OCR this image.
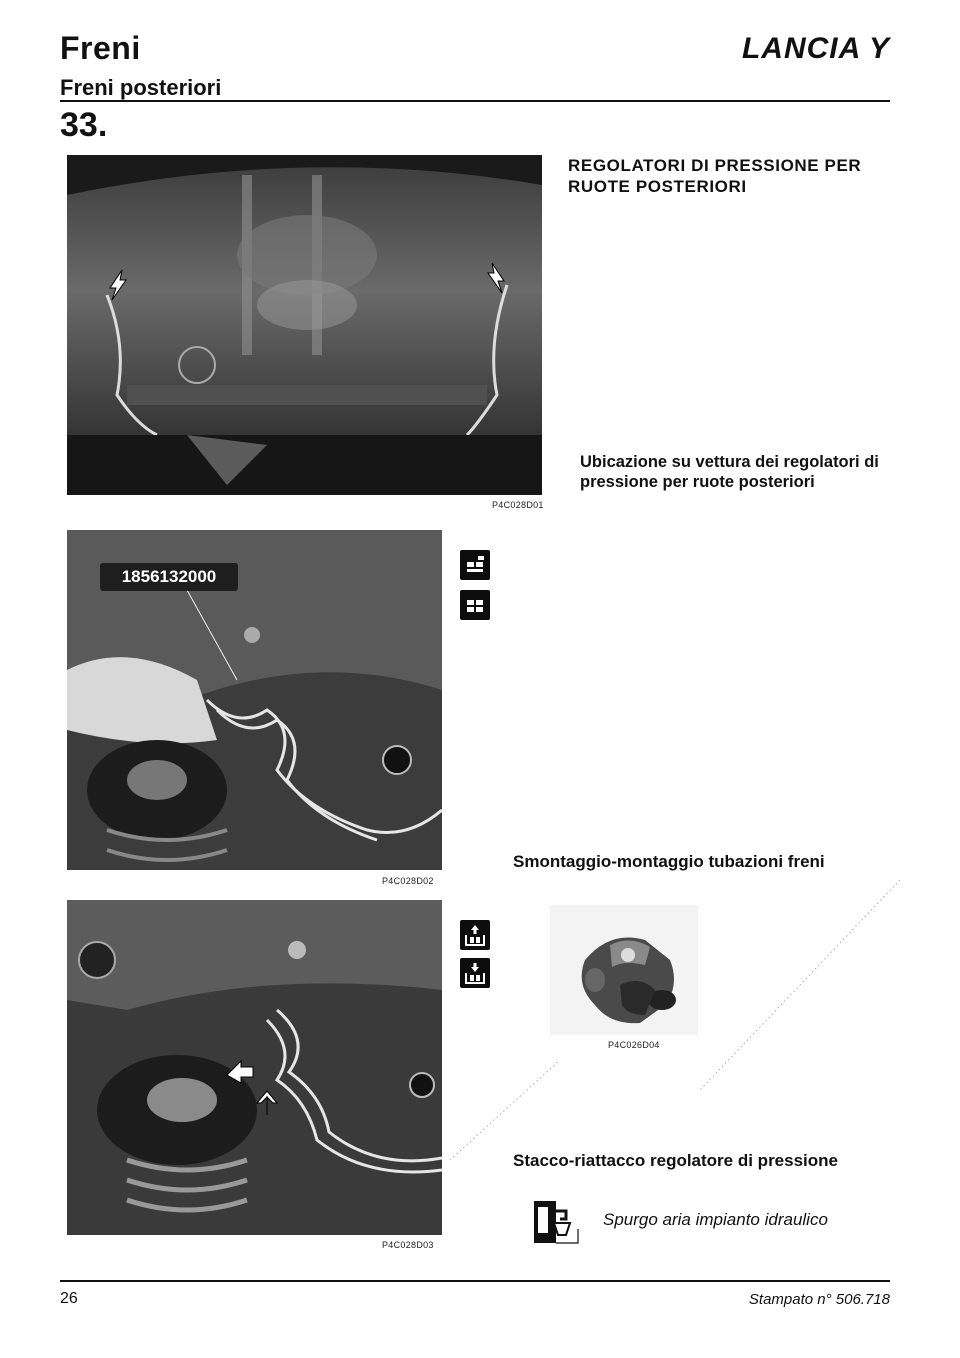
Freni
Freni posteriori
LANCIA Y
33.
P4C028D01
1856132000
P4C028D02
P4C028D03
P4C026D04
REGOLATORI DI PRESSIONE PER RUOTE POSTERIORI
Ubicazione su vettura dei regolatori di pressione per ruote posteriori
Smontaggio-montaggio tubazioni freni
Stacco-riattacco regolatore di pressione
Spurgo aria impianto idraulico
26	Stampato n° 506.718
